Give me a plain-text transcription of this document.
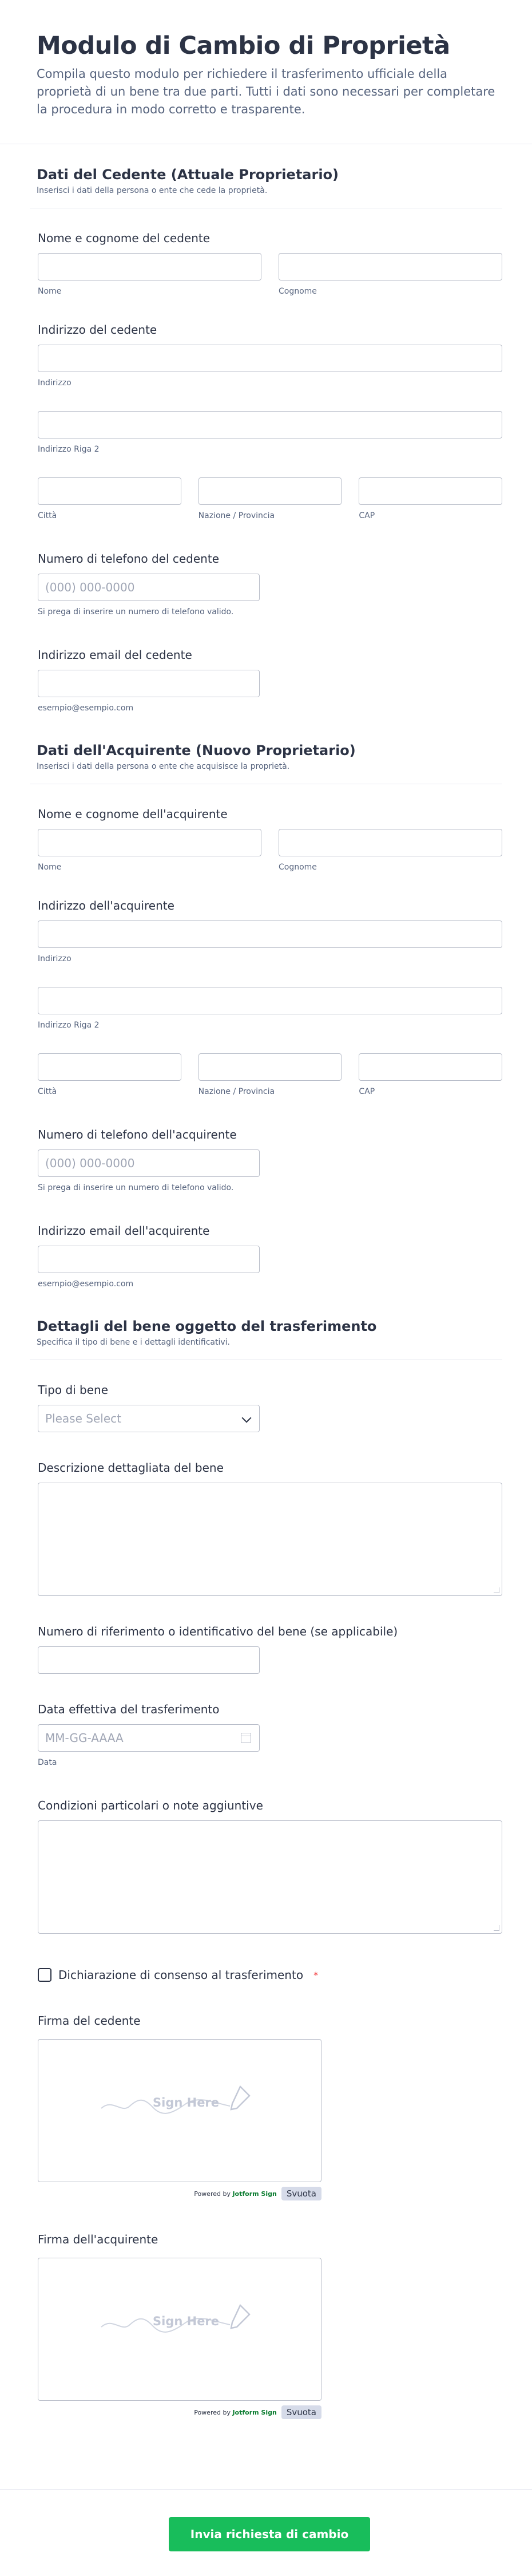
Modulo di Cambio di Proprietà

Compila questo modulo per richiedere il trasferimento ufficiale della proprietà di un bene tra due parti. Tutti i dati sono necessari per completare la procedura in modo corretto e trasparente.

Dati del Cedente (Attuale Proprietario)
Inserisci i dati della persona o ente che cede la proprietà.
Nome e cognome del cedente
Nome	Cognome
Indirizzo del cedente
Indirizzo
Indirizzo Riga 2
Città	Nazione / Provincia	CAP
Numero di telefono del cedente
(000) 000-0000
Si prega di inserire un numero di telefono valido.
Indirizzo email del cedente
esempio@esempio.com
Dati dell'Acquirente (Nuovo Proprietario)
Inserisci i dati della persona o ente che acquisisce la proprietà.
Nome e cognome dell'acquirente
Nome	Cognome
Indirizzo dell'acquirente
Indirizzo
Indirizzo Riga 2
Città	Nazione / Provincia	CAP
Numero di telefono dell'acquirente
(000) 000-0000
Si prega di inserire un numero di telefono valido.
Indirizzo email dell'acquirente
esempio@esempio.com
Dettagli del bene oggetto del trasferimento
Specifica il tipo di bene e i dettagli identificativi.
Tipo di bene
Please Select
Descrizione dettagliata del bene
Numero di riferimento o identificativo del bene (se applicabile)
Data effettiva del trasferimento
MM-GG-AAAA
Data
Condizioni particolari o note aggiuntive
Dichiarazione di consenso al trasferimento *
Firma del cedente
Sign Here
Powered by Jotform Sign	Svuota
Firma dell'acquirente
Sign Here
Powered by Jotform Sign	Svuota
Invia richiesta di cambio proprietà
